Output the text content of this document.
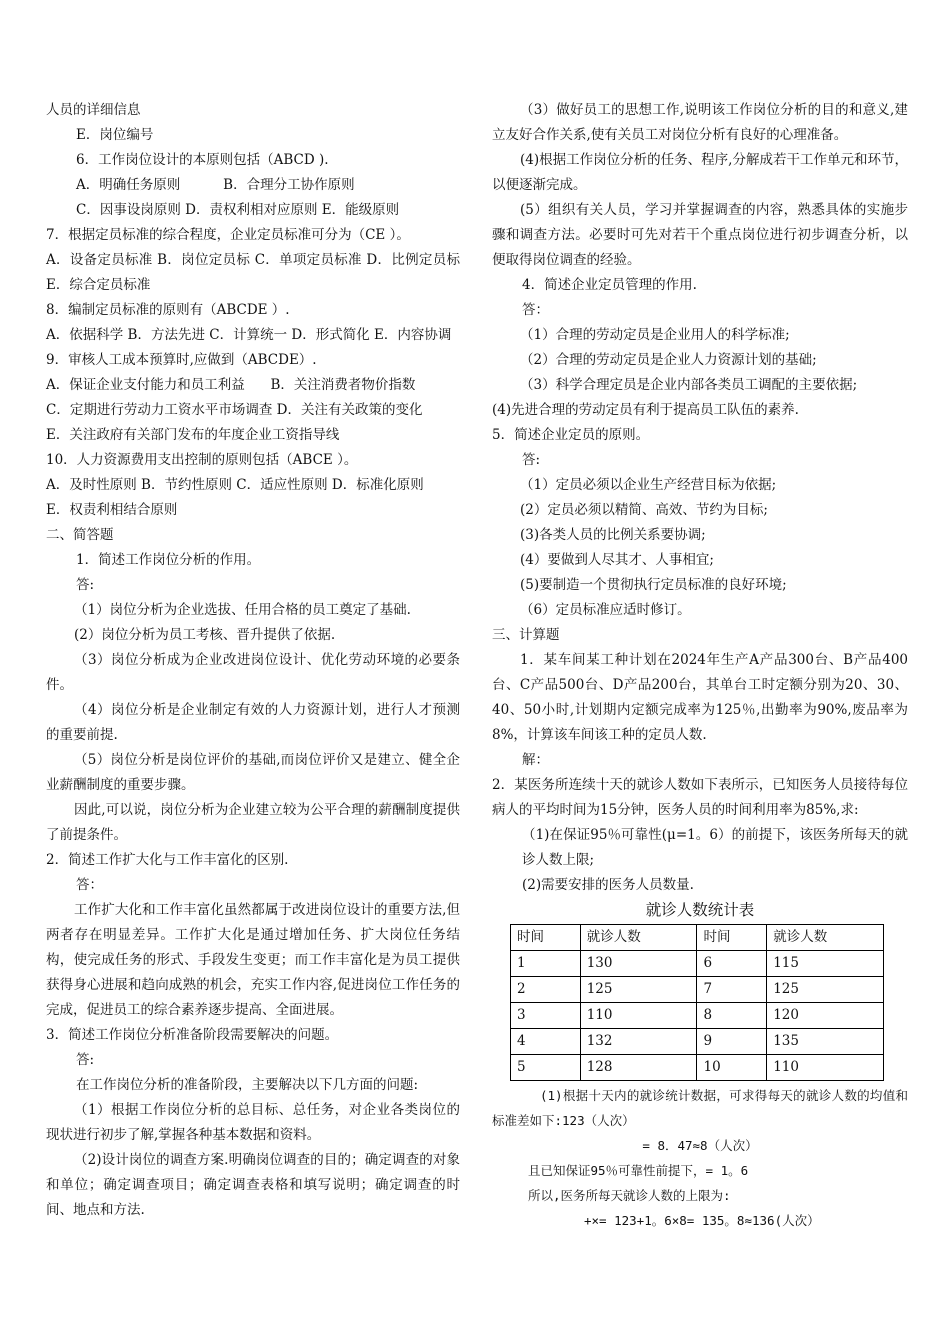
人员的详细信息

E．岗位编号

6．工作岗位设计的本原则包括（ABCD ).

A．明确任务原则          B．合理分工协作原则

C．因事设岗原则 D．责权利相对应原则 E．能级原则

7．根据定员标准的综合程度，企业定员标准可分为（CE ）。

A．设备定员标准 B．岗位定员标 C．单项定员标准 D．比例定员标 E．综合定员标准

8．编制定员标准的原则有（ABCDE ）.

A．依据科学 B．方法先进 C．计算统一 D．形式简化 E．内容协调

9．审核人工成本预算时,应做到（ABCDE）.

A．保证企业支付能力和员工利益      B．关注消费者物价指数

C．定期进行劳动力工资水平市场调查 D．关注有关政策的变化

E．关注政府有关部门发布的年度企业工资指导线

10．人力资源费用支出控制的原则包括（ABCE ）。

A．及时性原则 B．节约性原则 C．适应性原则 D．标准化原则

E．权责利相结合原则

二、简答题

1．简述工作岗位分析的作用。

答:

（1）岗位分析为企业选拔、任用合格的员工奠定了基础.

(2）岗位分析为员工考核、晋升提供了依据.

（3）岗位分析成为企业改进岗位设计、优化劳动环境的必要条件。

（4）岗位分析是企业制定有效的人力资源计划，进行人才预测的重要前提.

（5）岗位分析是岗位评价的基础,而岗位评价又是建立、健全企业薪酬制度的重要步骤。

因此,可以说，岗位分析为企业建立较为公平合理的薪酬制度提供了前提条件。

2．简述工作扩大化与工作丰富化的区别.

答：

工作扩大化和工作丰富化虽然都属于改进岗位设计的重要方法,但两者存在明显差异。工作扩大化是通过增加任务、扩大岗位任务结构，使完成任务的形式、手段发生变更；而工作丰富化是为员工提供获得身心进展和趋向成熟的机会，充实工作内容,促进岗位工作任务的完成，促进员工的综合素养逐步提高、全面进展。

3．简述工作岗位分析准备阶段需要解决的问题。

答:

在工作岗位分析的准备阶段，主要解决以下几方面的问题:

（1）根据工作岗位分析的总目标、总任务，对企业各类岗位的现状进行初步了解,掌握各种基本数据和资料。

（2)设计岗位的调查方案.明确岗位调查的目的；确定调查的对象和单位；确定调查项目；确定调查表格和填写说明；确定调查的时间、地点和方法.

（3）做好员工的思想工作,说明该工作岗位分析的目的和意义,建立友好合作关系,使有关员工对岗位分析有良好的心理准备。

(4)根据工作岗位分析的任务、程序,分解成若干工作单元和环节，以便逐渐完成。

(5）组织有关人员，学习并掌握调查的内容，熟悉具体的实施步骤和调查方法。必要时可先对若干个重点岗位进行初步调查分析，以便取得岗位调查的经验。

4．简述企业定员管理的作用.

答：

（1）合理的劳动定员是企业用人的科学标准;

（2）合理的劳动定员是企业人力资源计划的基础;

（3）科学合理定员是企业内部各类员工调配的主要依据;

(4)先进合理的劳动定员有利于提高员工队伍的素养.

5．简述企业定员的原则。

答:

（1）定员必须以企业生产经营目标为依据;

(2）定员必须以精简、高效、节约为目标;

(3)各类人员的比例关系要协调;

(4）要做到人尽其才、人事相宜;

(5)要制造一个贯彻执行定员标准的良好环境;

（6）定员标准应适时修订。

三、计算题

1．某车间某工种计划在2024年生产A产品300台、B产品400台、C产品500台、D产品200台，其单台工时定额分别为20、30、40、50小时,计划期内定额完成率为125％,出勤率为90%,废品率为8%，计算该车间该工种的定员人数.

解：

2．某医务所连续十天的就诊人数如下表所示，已知医务人员接待每位病人的平均时间为15分钟，医务人员的时间利用率为85%,求:

（1)在保证95％可靠性(μ=1。6）的前提下，该医务所每天的就诊人数上限;

(2)需要安排的医务人员数量.

就诊人数统计表
时间	就诊人数	时间	就诊人数
1	130	6	115
2	125	7	125
3	110	8	120
4	132	9	135
5	128	10	110

(1)根据十天内的就诊统计数据，可求得每天的就诊人数的均值和标准差如下:123（人次）

= 8．47≈8（人次）

且已知保证95％可靠性前提下，= 1。6

所以,医务所每天就诊人数的上限为:

+×= 123+1。6×8= 135。8≈136(人次）
